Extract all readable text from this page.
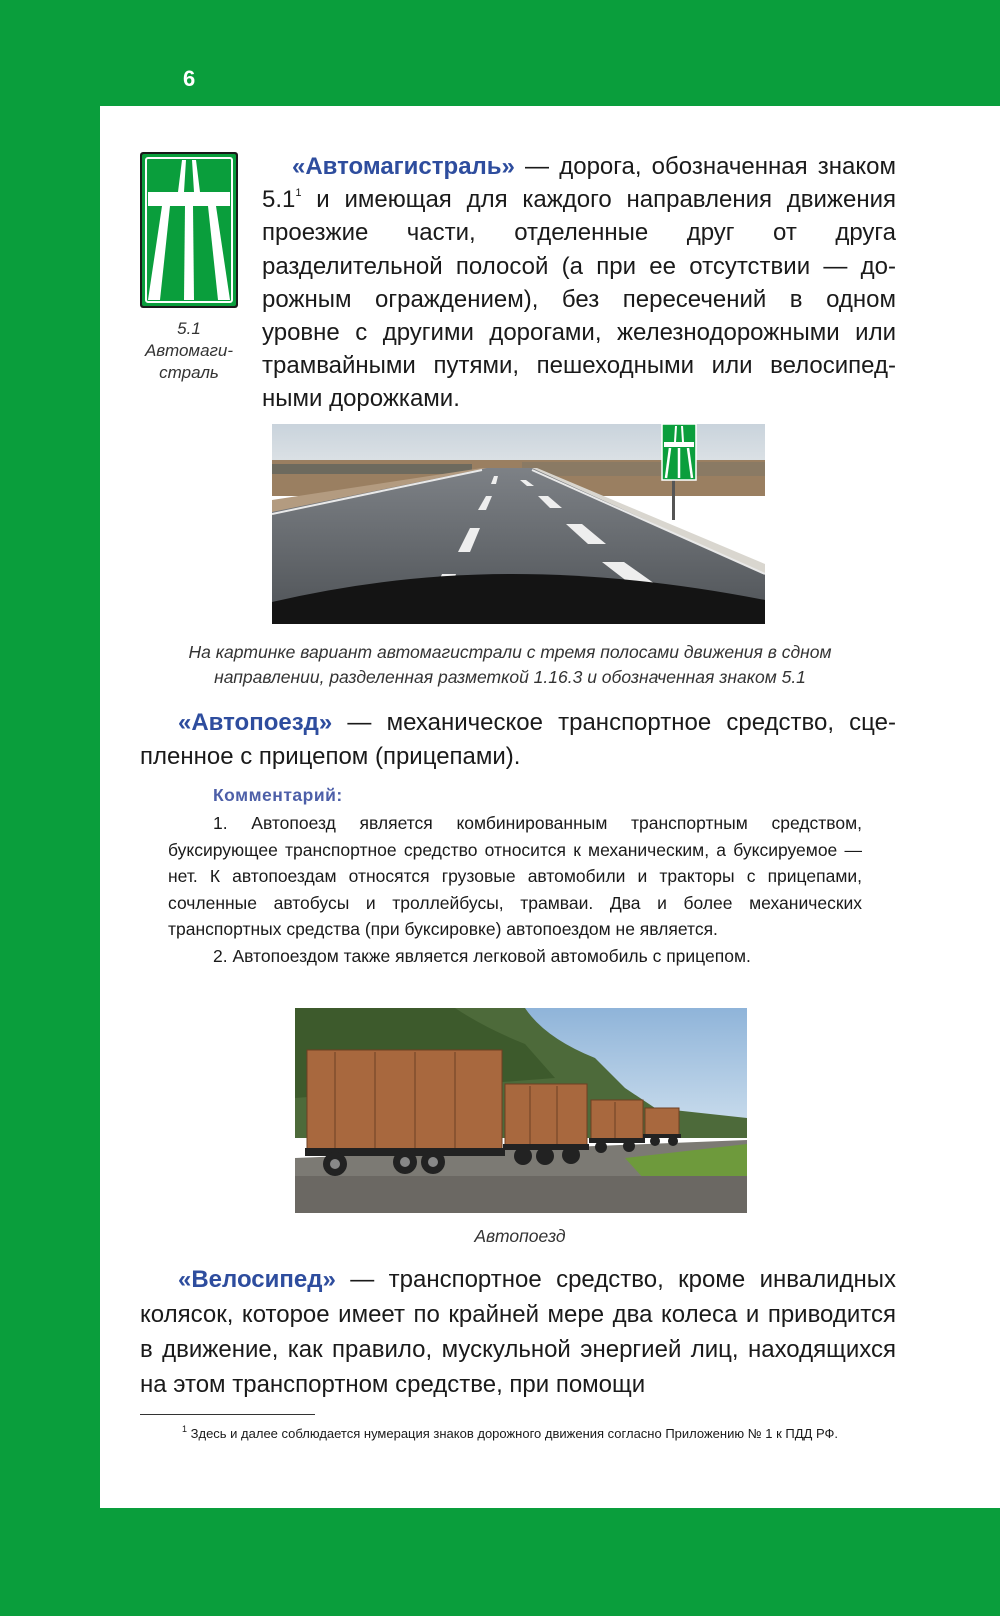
6
5.1
Автомаги-
страль

«Автомагистраль» — дорога, обозначенная знаком $5.1^1$ и имеющая для каждого направления движения проезжие части, отделенные друг от друга разделительной полосой (а при ее отсутствии — дорожным ограждением), без пересечений в одном уровне с другими дорогами, железнодорожными или трамвайными путями, пешеходными или велосипедными дорожками.

На картинке вариант автомагистрали с тремя полосами движения в сдном направлении, разделенная разметкой 1.16.3 и обозначенная знаком 5.1

«Автопоезд» — механическое транспортное средство, сцепленное с прицепом (прицепами).

Комментарий:

1. Автопоезд является комбинированным транспортным средством, буксирующее транспортное средство относится к механическим, а буксируемое — нет. К автопоездам относятся грузовые автомобили и тракторы с прицепами, сочленные автобусы и троллейбусы, трамваи. Два и более механических транспортных средства (при буксировке) автопоездом не является.

2. Автопоездом также является легковой автомобиль с прицепом.

Автопоезд

«Велосипед» — транспортное средство, кроме инвалидных колясок, которое имеет по крайней мере два колеса и приводится в движение, как правило, мускульной энергией лиц, находящихся на этом транспортном средстве, при помощи

$^1$ Здесь и далее соблюдается нумерация знаков дорожного движения согласно Приложению № 1 к ПДД РФ.
